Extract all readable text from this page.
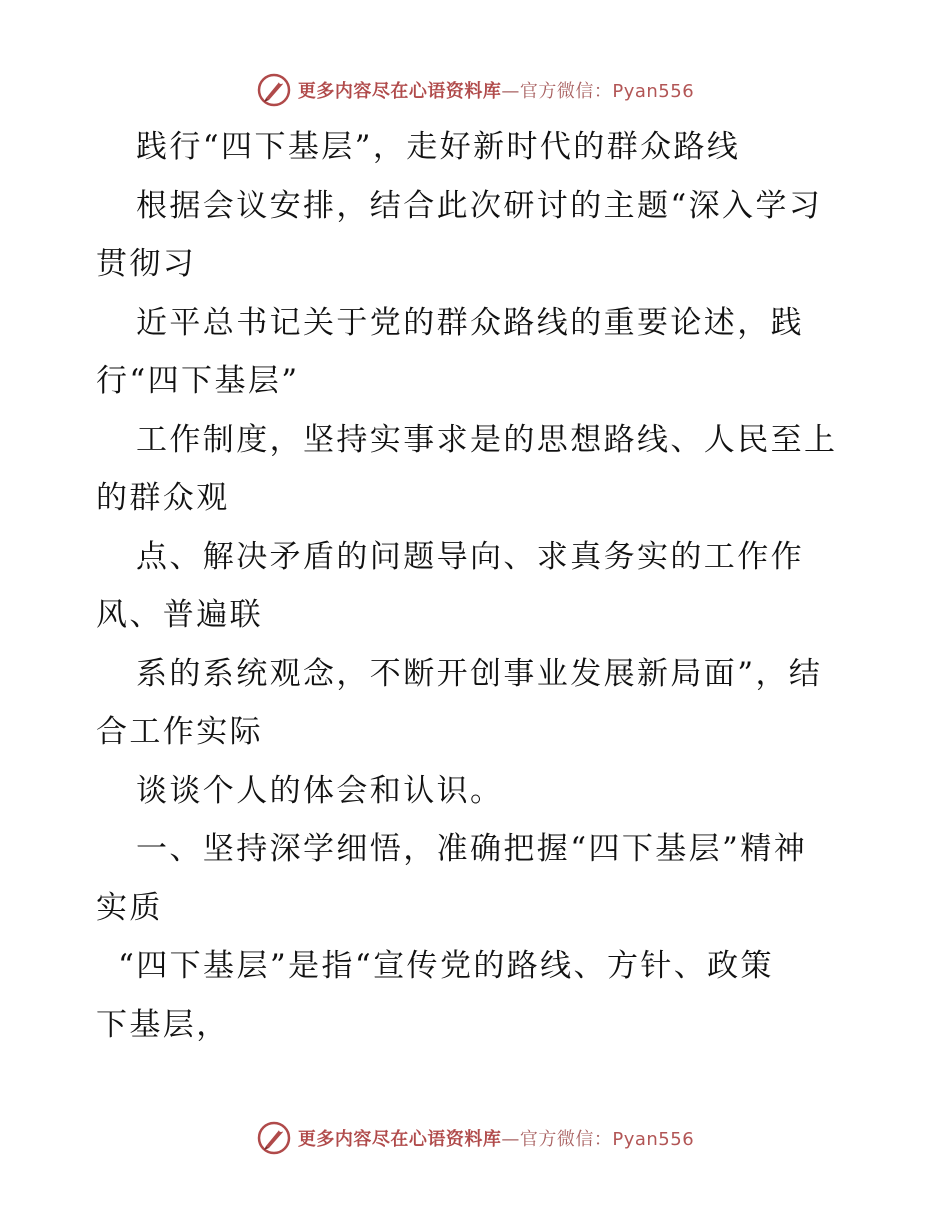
更多内容尽在心语资料库—官方微信：Pyan556
践行“四下基层”，走好新时代的群众路线
根据会议安排，结合此次研讨的主题“深入学习
贯彻习
近平总书记关于党的群众路线的重要论述，践
行“四下基层”
工作制度，坚持实事求是的思想路线、人民至上
的群众观
点、解决矛盾的问题导向、求真务实的工作作
风、普遍联
系的系统观念，不断开创事业发展新局面”，结
合工作实际
谈谈个人的体会和认识。
一、坚持深学细悟，准确把握“四下基层”精神
实质
“四下基层”是指“宣传党的路线、方针、政策
下基层，
更多内容尽在心语资料库—官方微信：Pyan556
